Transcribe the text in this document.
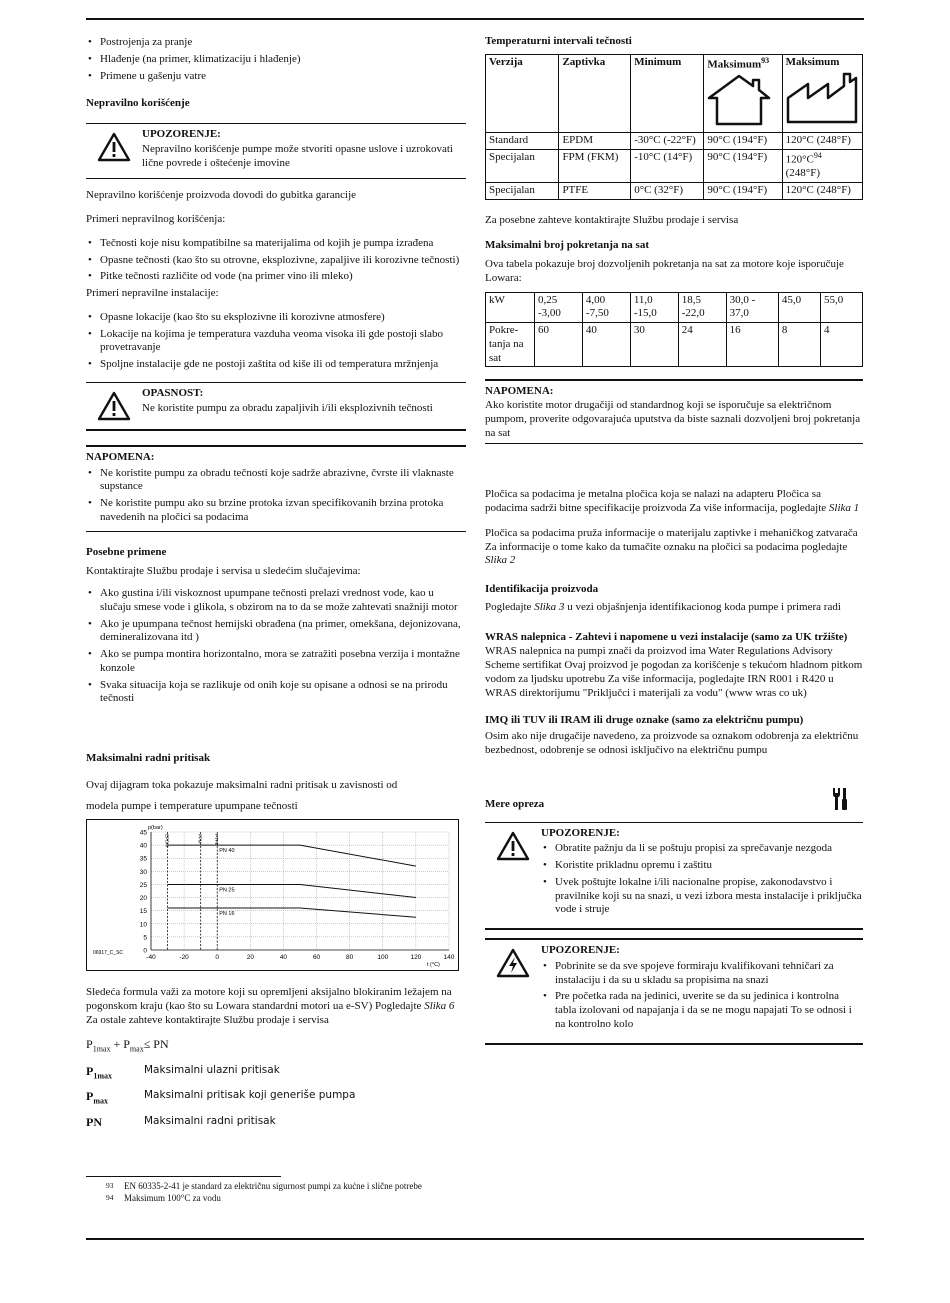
• Postrojenja za pranje
• Hlađenje (na primer, klimatizaciju i hlađenje)
• Primene u gašenju vatre
Nepravilno korišćenje
UPOZORENJE:
Nepravilno korišćenje pumpe može stvoriti opasne uslove i uzrokovati lične povrede i oštećenje imovine

Nepravilno korišćenje proizvoda dovodi do gubitka garancije

Primeri nepravilnog korišćenja:

• Tečnosti koje nisu kompatibilne sa materijalima od kojih je pumpa izrađena
• Opasne tečnosti (kao što su otrovne, eksplozivne, zapaljive ili korozivne tečnosti)
• Pitke tečnosti različite od vode (na primer vino ili mleko)

Primeri nepravilne instalacije:

• Opasne lokacije (kao što su eksplozivne ili korozivne atmosfere)
• Lokacije na kojima je temperatura vazduha veoma visoka ili gde postoji slabo provetravanje
• Spoljne instalacije gde ne postoji zaštita od kiše ili od temperatura mržnjenja
OPASNOST:
Ne koristite pumpu za obradu zapaljivih i/ili eksplozivnih tečnosti
NAPOMENA:
• Ne koristite pumpu za obradu tečnosti koje sadrže abrazivne, čvrste ili vlaknaste supstance
• Ne koristite pumpu ako su brzine protoka izvan specifikovanih brzina protoka navedenih na pločici sa podacima
Posebne primene

Kontaktirajte Službu prodaje i servisa u sledećim slučajevima:

• Ako gustina i/ili viskoznost upumpane tečnosti prelazi vrednost vode, kao u slučaju smese vode i glikola, s obzirom na to da se može zahtevati snažniji motor
• Ako je upumpana tečnost hemijski obrađena (na primer, omekšana, dejonizovana, demineralizovana itd )
• Ako se pumpa montira horizontalno, mora se zatražiti posebna verzija i montažne konzole
• Svaka situacija koja se razlikuje od onih koje su opisane a odnosi se na prirodu tečnosti
Maksimalni radni pritisak

Ovaj dijagram toka pokazuje maksimalni radni pritisak u zavisnosti od

modela pumpe i temperature upumpane tečnosti

-40	-20	0	20	40	60	80	100	120	140
0
5
10
15
20
25
30
35
40
45
p(bar)
t (°C)
06917_C_SC
EPDM	FPM	PTFE
PN 40
PN 25
PN 16

Sledeća formula važi za motore koji su opremljeni aksijalno blokiranim ležajem na pogonskom kraju (kao što su Lowara standardni motori ua e-SV) Pogledajte Slika 6 Za ostale zahteve kontaktirajte Službu prodaje i servisa

$P_{1max} + P_{max}\le$ PN

$P_{1max}$	Maksimalni ulazni pritisak
$P_{max}$	Maksimalni pritisak koji generiše pumpa
PN	Maksimalni radni pritisak
93	EN 60335-2-41 je standard za električnu sigurnost pumpi za kućne i slične potrebe
94	Maksimum 100°C za vodu
Temperaturni intervali tečnosti
Verzija	Zaptivka	Minimum	Maksimum$^{93}$	Maksimum

Standard	EPDM	-30°C (-22°F)	90°C (194°F)	120°C (248°F)
Specijalan	FPM (FKM)	-10°C (14°F)	90°C (194°F)	$120^\circ C^{94}$
(248°F)
Specijalan	PTFE	0°C (32°F)	90°C (194°F)	120°C (248°F)

Za posebne zahteve kontaktirajte Službu prodaje i servisa

Maksimalni broj pokretanja na sat

Ova tabela pokazuje broj dozvoljenih pokretanja na sat za motore koje isporučuje Lowara:

kW	0,25
-3,00	4,00
-7,50	11,0
-15,0	18,5
-22,0	30,0 -
37,0	45,0	55,0
Pokre-
tanja na
sat	60	40	30	24	16	8	4
NAPOMENA:
Ako koristite motor drugačiji od standardnog koji se isporučuje sa električnom pumpom, proverite odgovarajuća uputstva da biste saznali dozvoljeni broj pokretanja na sat

Pločica sa podacima je metalna pločica koja se nalazi na adapteru Pločica sa podacima sadrži bitne specifikacije proizvoda Za više informacija, pogledajte Slika 1

Pločica sa podacima pruža informacije o materijalu zaptivke i mehaničkog zatvarača Za informacije o tome kako da tumačite oznaku na pločici sa podacima pogledajte Slika 2

Identifikacija proizvoda

Pogledajte Slika 3 u vezi objašnjenja identifikacionog koda pumpe i primera radi

WRAS nalepnica - Zahtevi i napomene u vezi instalacije (samo za UK tržište)

WRAS nalepnica na pumpi znači da proizvod ima Water Regulations Advisory Scheme sertifikat Ovaj proizvod je pogodan za korišćenje s tekućom hladnom pitkom vodom za ljudsku upotrebu Za više informacija, pogledajte IRN R001 i R420 u WRAS direktorijumu "Priključci i materijali za vodu" (www wras co uk)

IMQ ili TUV ili IRAM ili druge oznake (samo za električnu pumpu)

Osim ako nije drugačije navedeno, za proizvode sa oznakom odobrenja za električnu bezbednost, odobrenje se odnosi isključivo na električnu pumpu

Mere opreza
UPOZORENJE:
• Obratite pažnju da li se poštuju propisi za sprečavanje nezgoda
• Koristite prikladnu opremu i zaštitu
• Uvek poštujte lokalne i/ili nacionalne propise, zakonodavstvo i pravilnike koji su na snazi, u vezi izbora mesta instalacije i priključka vode i struje
UPOZORENJE:
• Pobrinite se da sve spojeve formiraju kvalifikovani tehničari za instalaciju i da su u skladu sa propisima na snazi
• Pre početka rada na jedinici, uverite se da su jedinica i kontrolna tabla izolovani od napajanja i da se ne mogu napajati To se odnosi i na kontrolno kolo
